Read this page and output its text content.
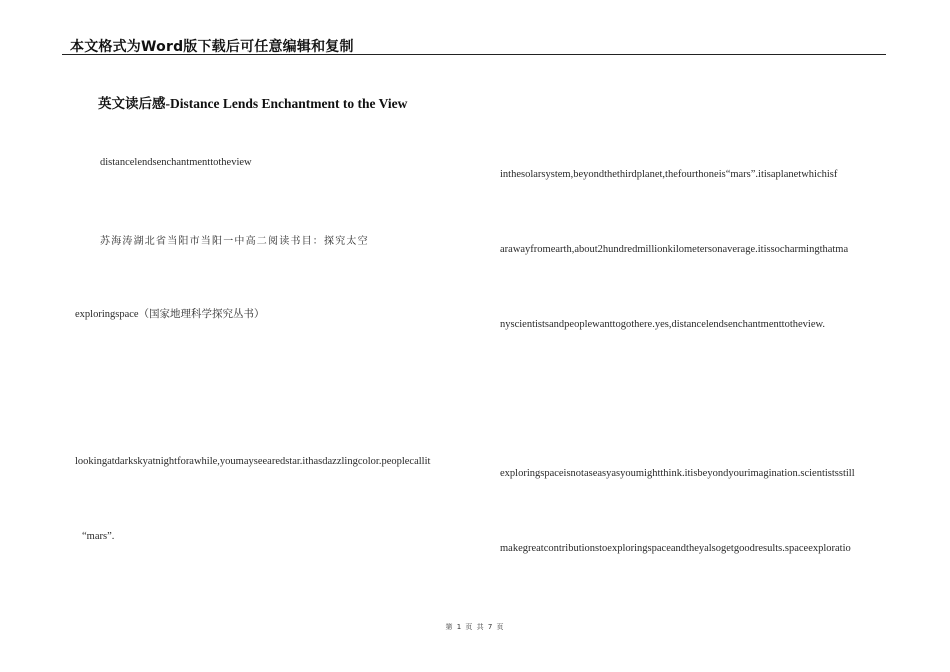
本文格式为Word版下载后可任意编辑和复制
英文读后感-Distance Lends Enchantment to the View
distancelendsenchantmenttotheview
苏海涛湖北省当阳市当阳一中高二阅读书目：探究太空
exploringspace（国家地理科学探究丛书）
lookingatdarkskyatnightforawhile,youmayseearedstar.ithasdazzlingcolor.peoplecallit
“mars”.
inthesolarsystem,beyondthethirdplanet,thefourthoneis“mars”.itisaplanetwhichisf
arawayfromearth,about2hundredmillionkilometersonaverage.itissocharmingthatma
nyscientistsandpeoplewanttogothere.yes,distancelendsenchantmenttotheview.
exploringspaceisnotaseasyasyoumightthink.itisbeyondyourimagination.scientistsstill
makegreatcontributionstoexploringspaceandtheyalsogetgoodresults.spaceexploratio
第 1 页 共 7 页
